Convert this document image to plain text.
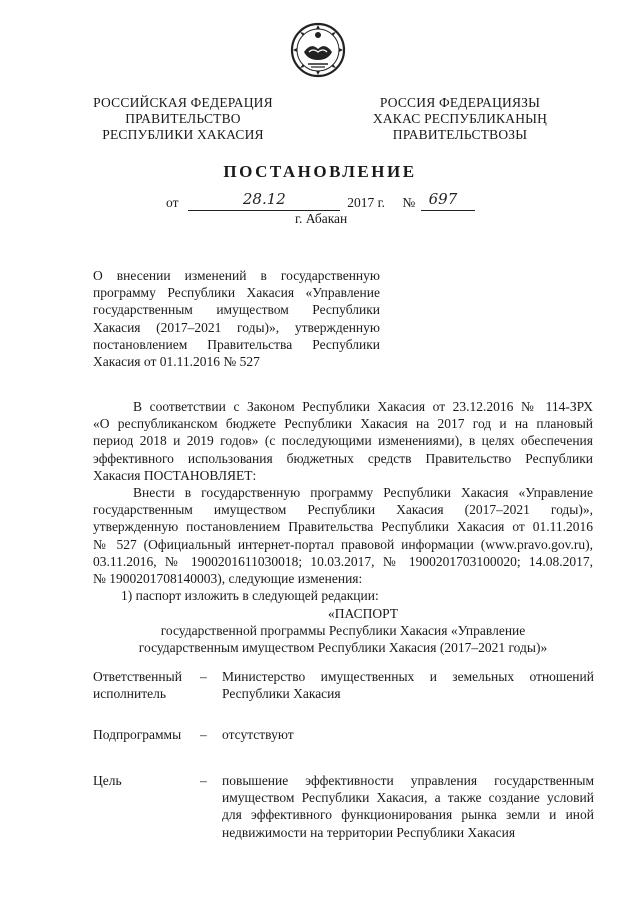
РОССИЙСКАЯ ФЕДЕРАЦИЯ
ПРАВИТЕЛЬСТВО
РЕСПУБЛИКИ ХАКАСИЯ
РОССИЯ ФЕДЕРАЦИЯЗЫ
ХАКАС РЕСПУБЛИКАНЫҢ
ПРАВИТЕЛЬСТВОЗЫ
ПОСТАНОВЛЕНИЕ
от	28.12	2017 г. № 697
г. Абакан
О внесении изменений в государственную
программу Республики Хакасия «Управление
государственным имуществом Республики
Хакасия (2017–2021 годы)», утвержденную
постановлением Правительства Республики
Хакасия от 01.11.2016 № 527
В соответствии с Законом Республики Хакасия от 23.12.2016 № 114-ЗРХ
«О республиканском бюджете Республики Хакасия на 2017 год и на плановый
период 2018 и 2019 годов» (с последующими изменениями), в целях обеспечения
эффективного использования бюджетных средств Правительство Республики
Хакасия ПОСТАНОВЛЯЕТ:
Внести в государственную программу Республики Хакасия «Управление
государственным имуществом Республики Хакасия (2017–2021 годы)»,
утвержденную постановлением Правительства Республики Хакасия от 01.11.2016
№ 527 (Официальный интернет-портал правовой информации (www.pravo.gov.ru),
03.11.2016, № 1900201611030018; 10.03.2017, № 1900201703100020; 14.08.2017,
№ 1900201708140003), следующие изменения:
1) паспорт изложить в следующей редакции:
«ПАСПОРТ
государственной программы Республики Хакасия «Управление
государственным имуществом Республики Хакасия (2017–2021 годы)»
Ответственный
исполнитель
– Министерство имущественных и земельных отношений
Республики Хакасия
Подпрограммы – отсутствуют
Цель	– повышение эффективности управления государственным
имуществом Республики Хакасия, а также создание условий
для эффективного функционирования рынка земли и иной
недвижимости на территории Республики Хакасия
